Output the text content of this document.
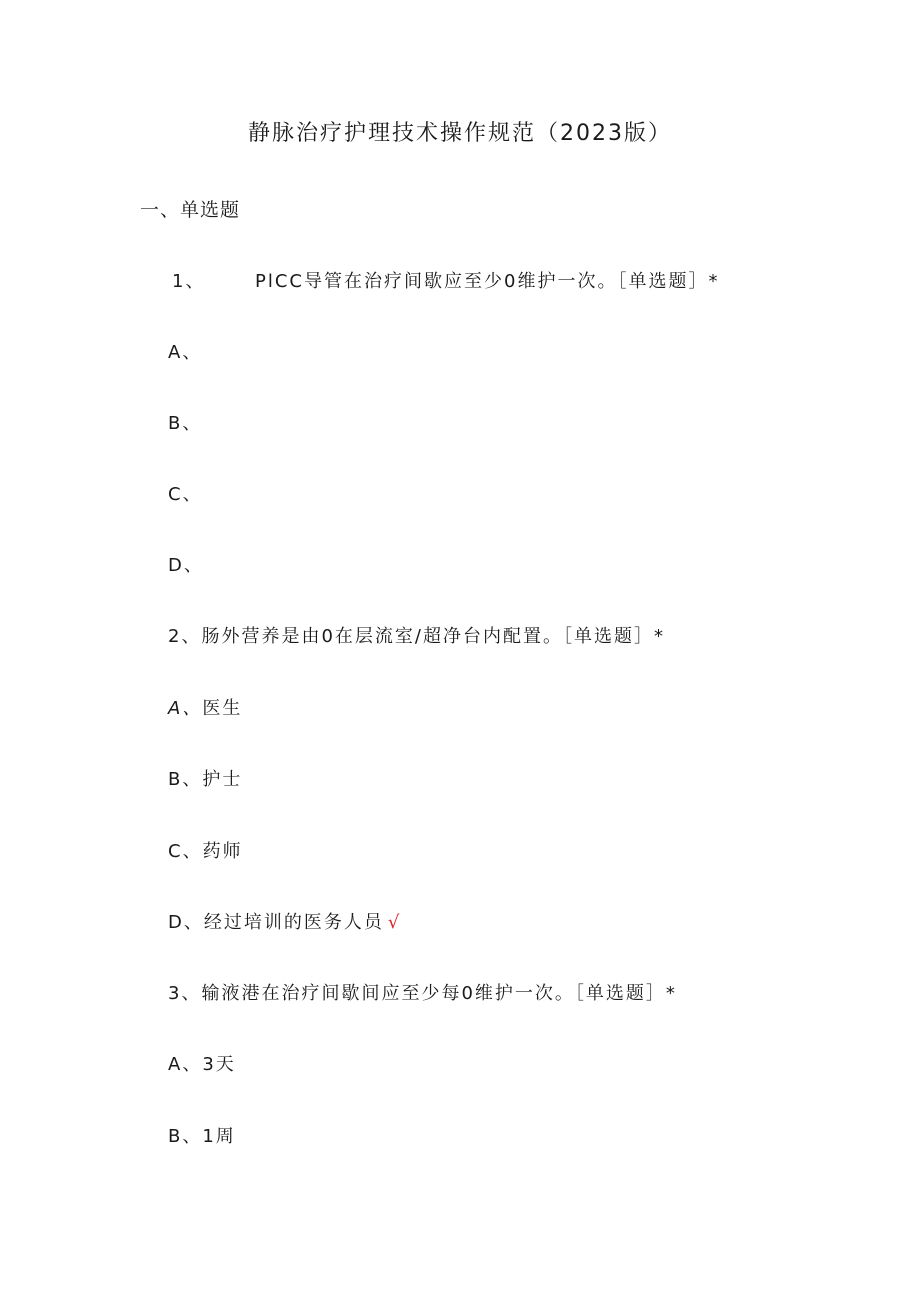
静脉治疗护理技术操作规范（2023版）
一、单选题
1、	PlCC导管在治疗间歇应至少0维护一次。［单选题］*
A、
B、
C、
D、
2、肠外营养是由0在层流室/超净台内配置。［单选题］*
A、医生
B、护士
C、药师
D、经过培训的医务人员 √
3、输液港在治疗间歇间应至少每0维护一次。［单选题］*
A、3天
B、1周
